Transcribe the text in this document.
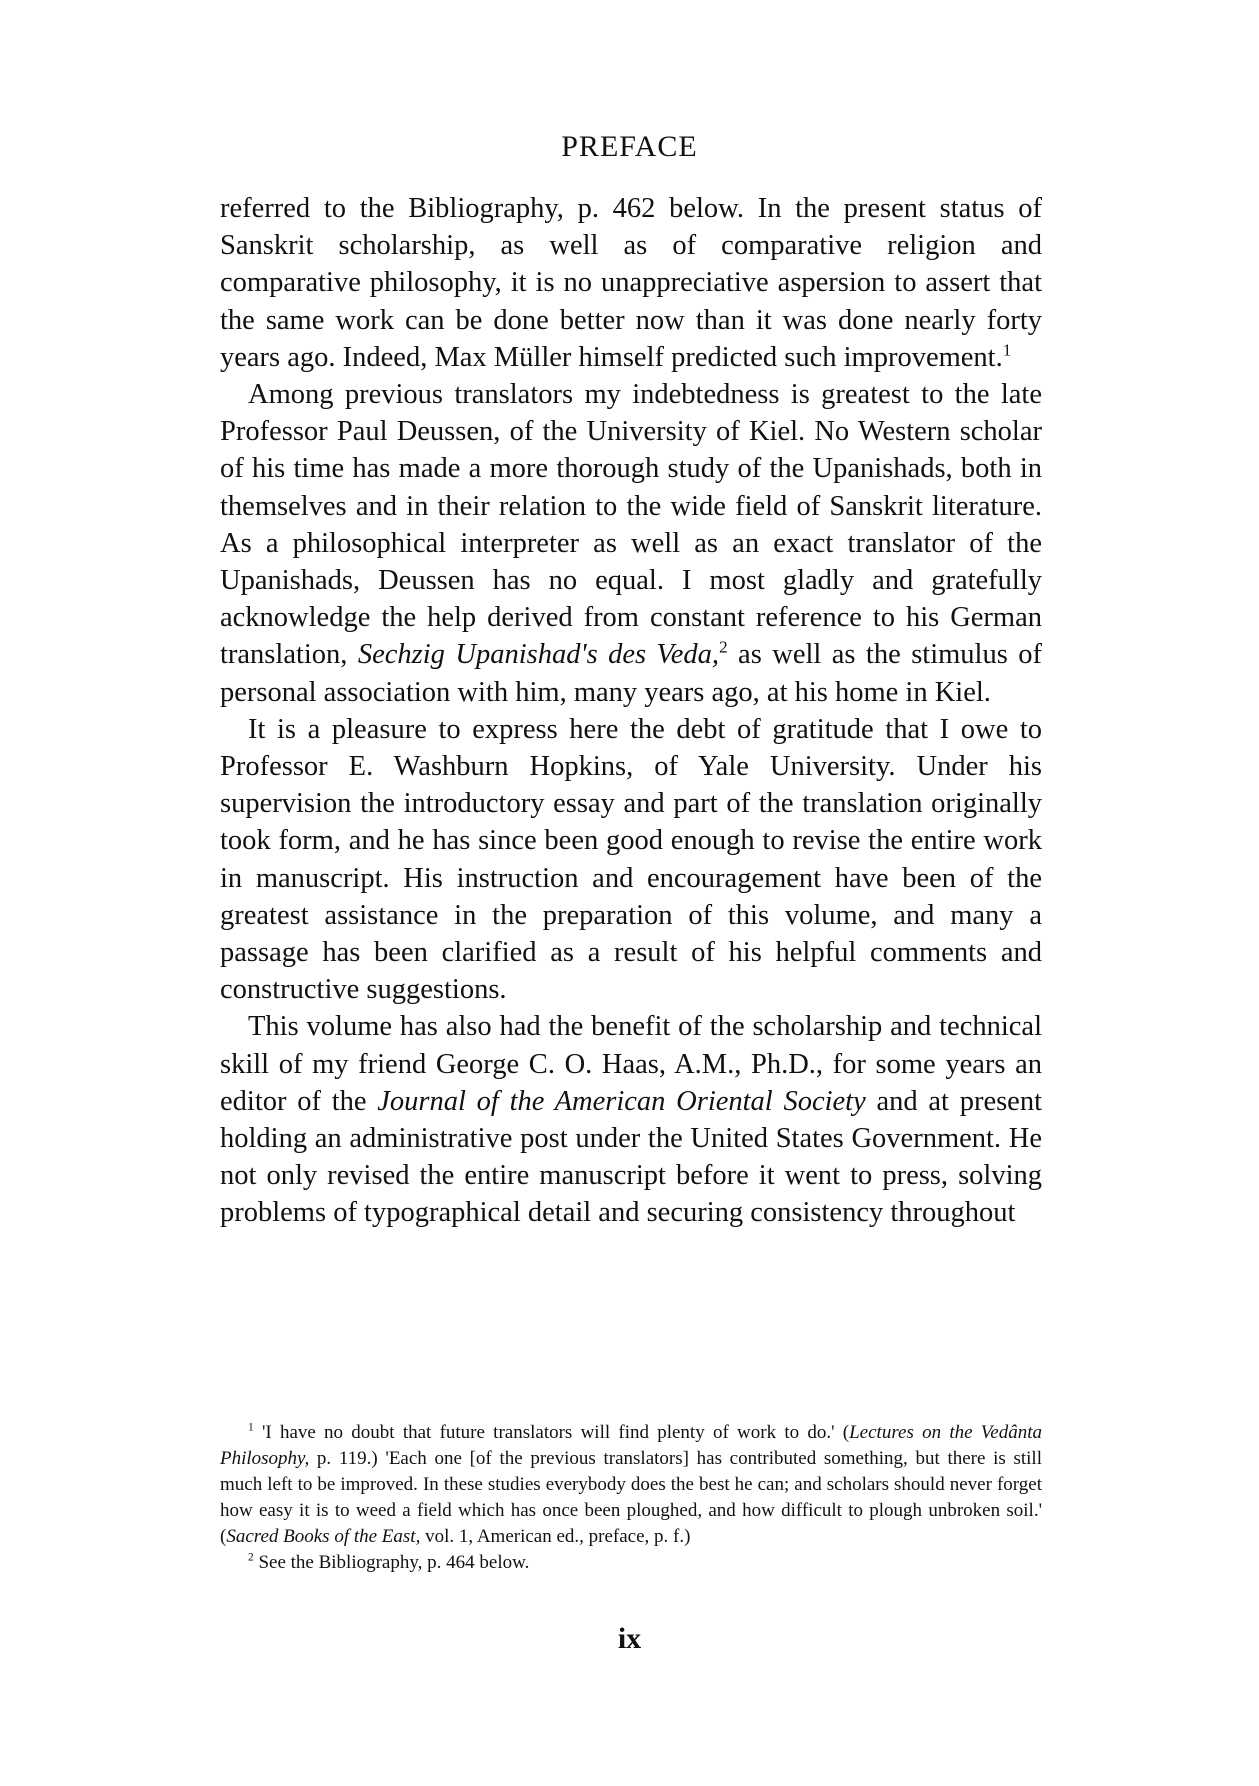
PREFACE

referred to the Bibliography, p. 462 below. In the present status of Sanskrit scholarship, as well as of comparative religion and comparative philosophy, it is no unappreciative aspersion to assert that the same work can be done better now than it was done nearly forty years ago. Indeed, Max Müller himself predicted such improvement.$^1$

Among previous translators my indebtedness is greatest to the late Professor Paul Deussen, of the University of Kiel. No Western scholar of his time has made a more thorough study of the Upanishads, both in themselves and in their relation to the wide field of Sanskrit literature. As a philosophical interpreter as well as an exact translator of the Upanishads, Deussen has no equal. I most gladly and gratefully acknowledge the help derived from constant reference to his German translation, Sechzig Upanishad's des Veda,$^2$ as well as the stimulus of personal association with him, many years ago, at his home in Kiel.

It is a pleasure to express here the debt of gratitude that I owe to Professor E. Washburn Hopkins, of Yale University. Under his supervision the introductory essay and part of the translation originally took form, and he has since been good enough to revise the entire work in manuscript. His instruction and encouragement have been of the greatest assistance in the preparation of this volume, and many a passage has been clarified as a result of his helpful comments and constructive suggestions.

This volume has also had the benefit of the scholarship and technical skill of my friend George C. O. Haas, A.M., Ph.D., for some years an editor of the Journal of the American Oriental Society and at present holding an administrative post under the United States Government. He not only revised the entire manuscript before it went to press, solving problems of typographical detail and securing consistency throughout

$^1$ 'I have no doubt that future translators will find plenty of work to do.' (Lectures on the Vedânta Philosophy, p. 119.) 'Each one [of the previous translators] has contributed something, but there is still much left to be improved. In these studies everybody does the best he can; and scholars should never forget how easy it is to weed a field which has once been ploughed, and how difficult to plough unbroken soil.' (Sacred Books of the East, vol. 1, American ed., preface, p. f.)

$^2$ See the Bibliography, p. 464 below.

ix
